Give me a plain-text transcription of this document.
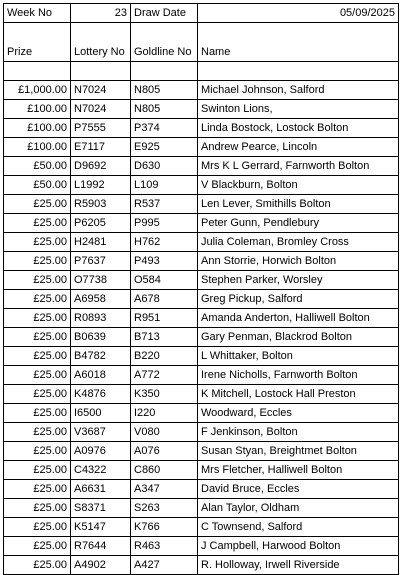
Week No	23	Draw Date	05/09/2025
Prize	Lottery No	Goldline No	Name

£1,000.00	N7024	N805	Michael Johnson, Salford
£100.00	N7024	N805	Swinton Lions,
£100.00	P7555	P374	Linda Bostock, Lostock Bolton
£100.00	E7117	E925	Andrew Pearce, Lincoln
£50.00	D9692	D630	Mrs K L Gerrard, Farnworth Bolton
£50.00	L1992	L109	V Blackburn, Bolton
£25.00	R5903	R537	Len Lever, Smithills Bolton
£25.00	P6205	P995	Peter Gunn, Pendlebury
£25.00	H2481	H762	Julia Coleman, Bromley Cross
£25.00	P7637	P493	Ann Storrie, Horwich Bolton
£25.00	O7738	O584	Stephen Parker, Worsley
£25.00	A6958	A678	Greg Pickup, Salford
£25.00	R0893	R951	Amanda Anderton, Halliwell Bolton
£25.00	B0639	B713	Gary Penman, Blackrod Bolton
£25.00	B4782	B220	L Whittaker, Bolton
£25.00	A6018	A772	Irene Nicholls, Farnworth Bolton
£25.00	K4876	K350	K Mitchell, Lostock Hall Preston
£25.00	I6500	I220	Woodward, Eccles
£25.00	V3687	V080	F Jenkinson, Bolton
£25.00	A0976	A076	Susan Styan, Breightmet Bolton
£25.00	C4322	C860	Mrs Fletcher, Halliwell Bolton
£25.00	A6631	A347	David Bruce, Eccles
£25.00	S8371	S263	Alan Taylor, Oldham
£25.00	K5147	K766	C Townsend, Salford
£25.00	R7644	R463	J Campbell, Harwood Bolton
£25.00	A4902	A427	R. Holloway, Irwell Riverside
